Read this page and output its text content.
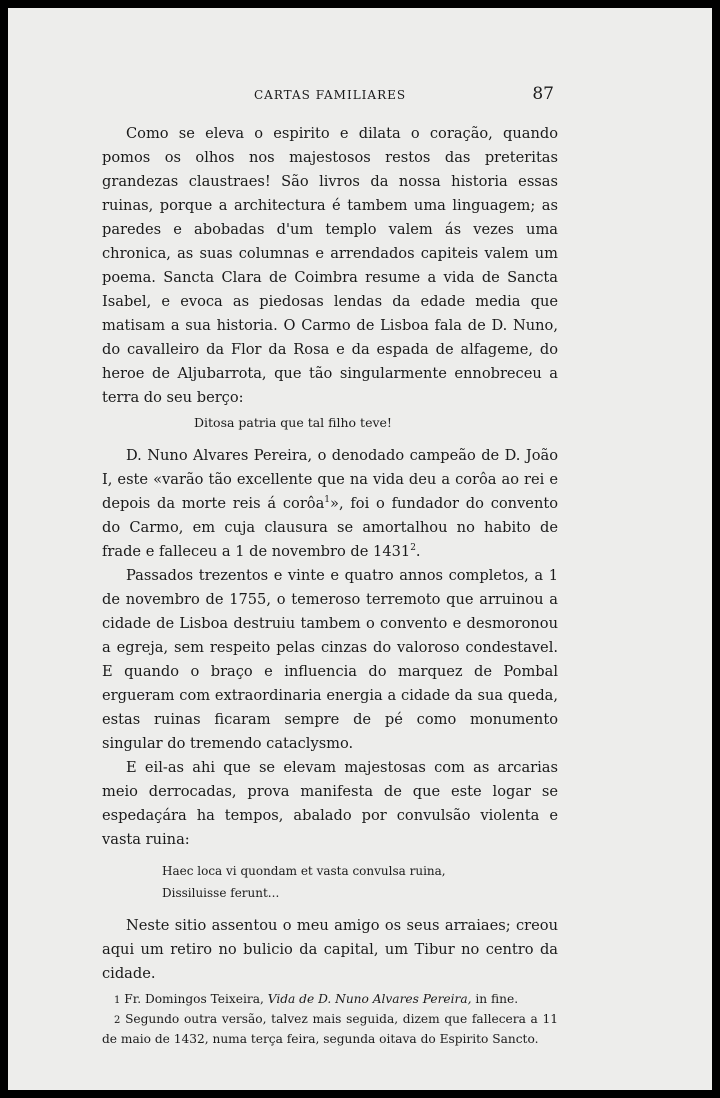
CARTAS FAMILIARES	87

Como se eleva o espirito e dilata o coração, quando pomos os olhos nos majestosos restos das preteritas grandezas claustraes! São livros da nossa historia essas ruinas, porque a architectura é tambem uma linguagem; as paredes e abobadas d'um templo valem ás vezes uma chronica, as suas columnas e arrendados capiteis valem um poema. Sancta Clara de Coimbra resume a vida de Sancta Isabel, e evoca as piedosas lendas da edade media que matisam a sua historia. O Carmo de Lisboa fala de D. Nuno, do cavalleiro da Flor da Rosa e da espada de alfageme, do heroe de Aljubarrota, que tão singularmente ennobreceu a terra do seu berço:

Ditosa patria que tal filho teve!

D. Nuno Alvares Pereira, o denodado campeão de D. João I, este «varão tão excellente que na vida deu a corôa ao rei e depois da morte reis á corôa$^1$», foi o fundador do convento do Carmo, em cuja clausura se amortalhou no habito de frade e falleceu a 1 de novembro de 1431$^2$.

Passados trezentos e vinte e quatro annos completos, a 1 de novembro de 1755, o temeroso terremoto que arruinou a cidade de Lisboa destruiu tambem o convento e desmoronou a egreja, sem respeito pelas cinzas do valoroso condestavel. E quando o braço e influencia do marquez de Pombal ergueram com extraordinaria energia a cidade da sua queda, estas ruinas ficaram sempre de pé como monumento singular do tremendo cataclysmo.

E eil-as ahi que se elevam majestosas com as arcarias meio derrocadas, prova manifesta de que este logar se espedaçára ha tempos, abalado por convulsão violenta e vasta ruina:

Haec loca vi quondam et vasta convulsa ruina,
Dissiluisse ferunt...

Neste sitio assentou o meu amigo os seus arraiaes; creou aqui um retiro no bulicio da capital, um Tibur no centro da cidade.

1 Fr. Domingos Teixeira, Vida de D. Nuno Alvares Pereira, in fine.

2 Segundo outra versão, talvez mais seguida, dizem que fallecera a 11 de maio de 1432, numa terça feira, segunda oitava do Espirito Sancto.
